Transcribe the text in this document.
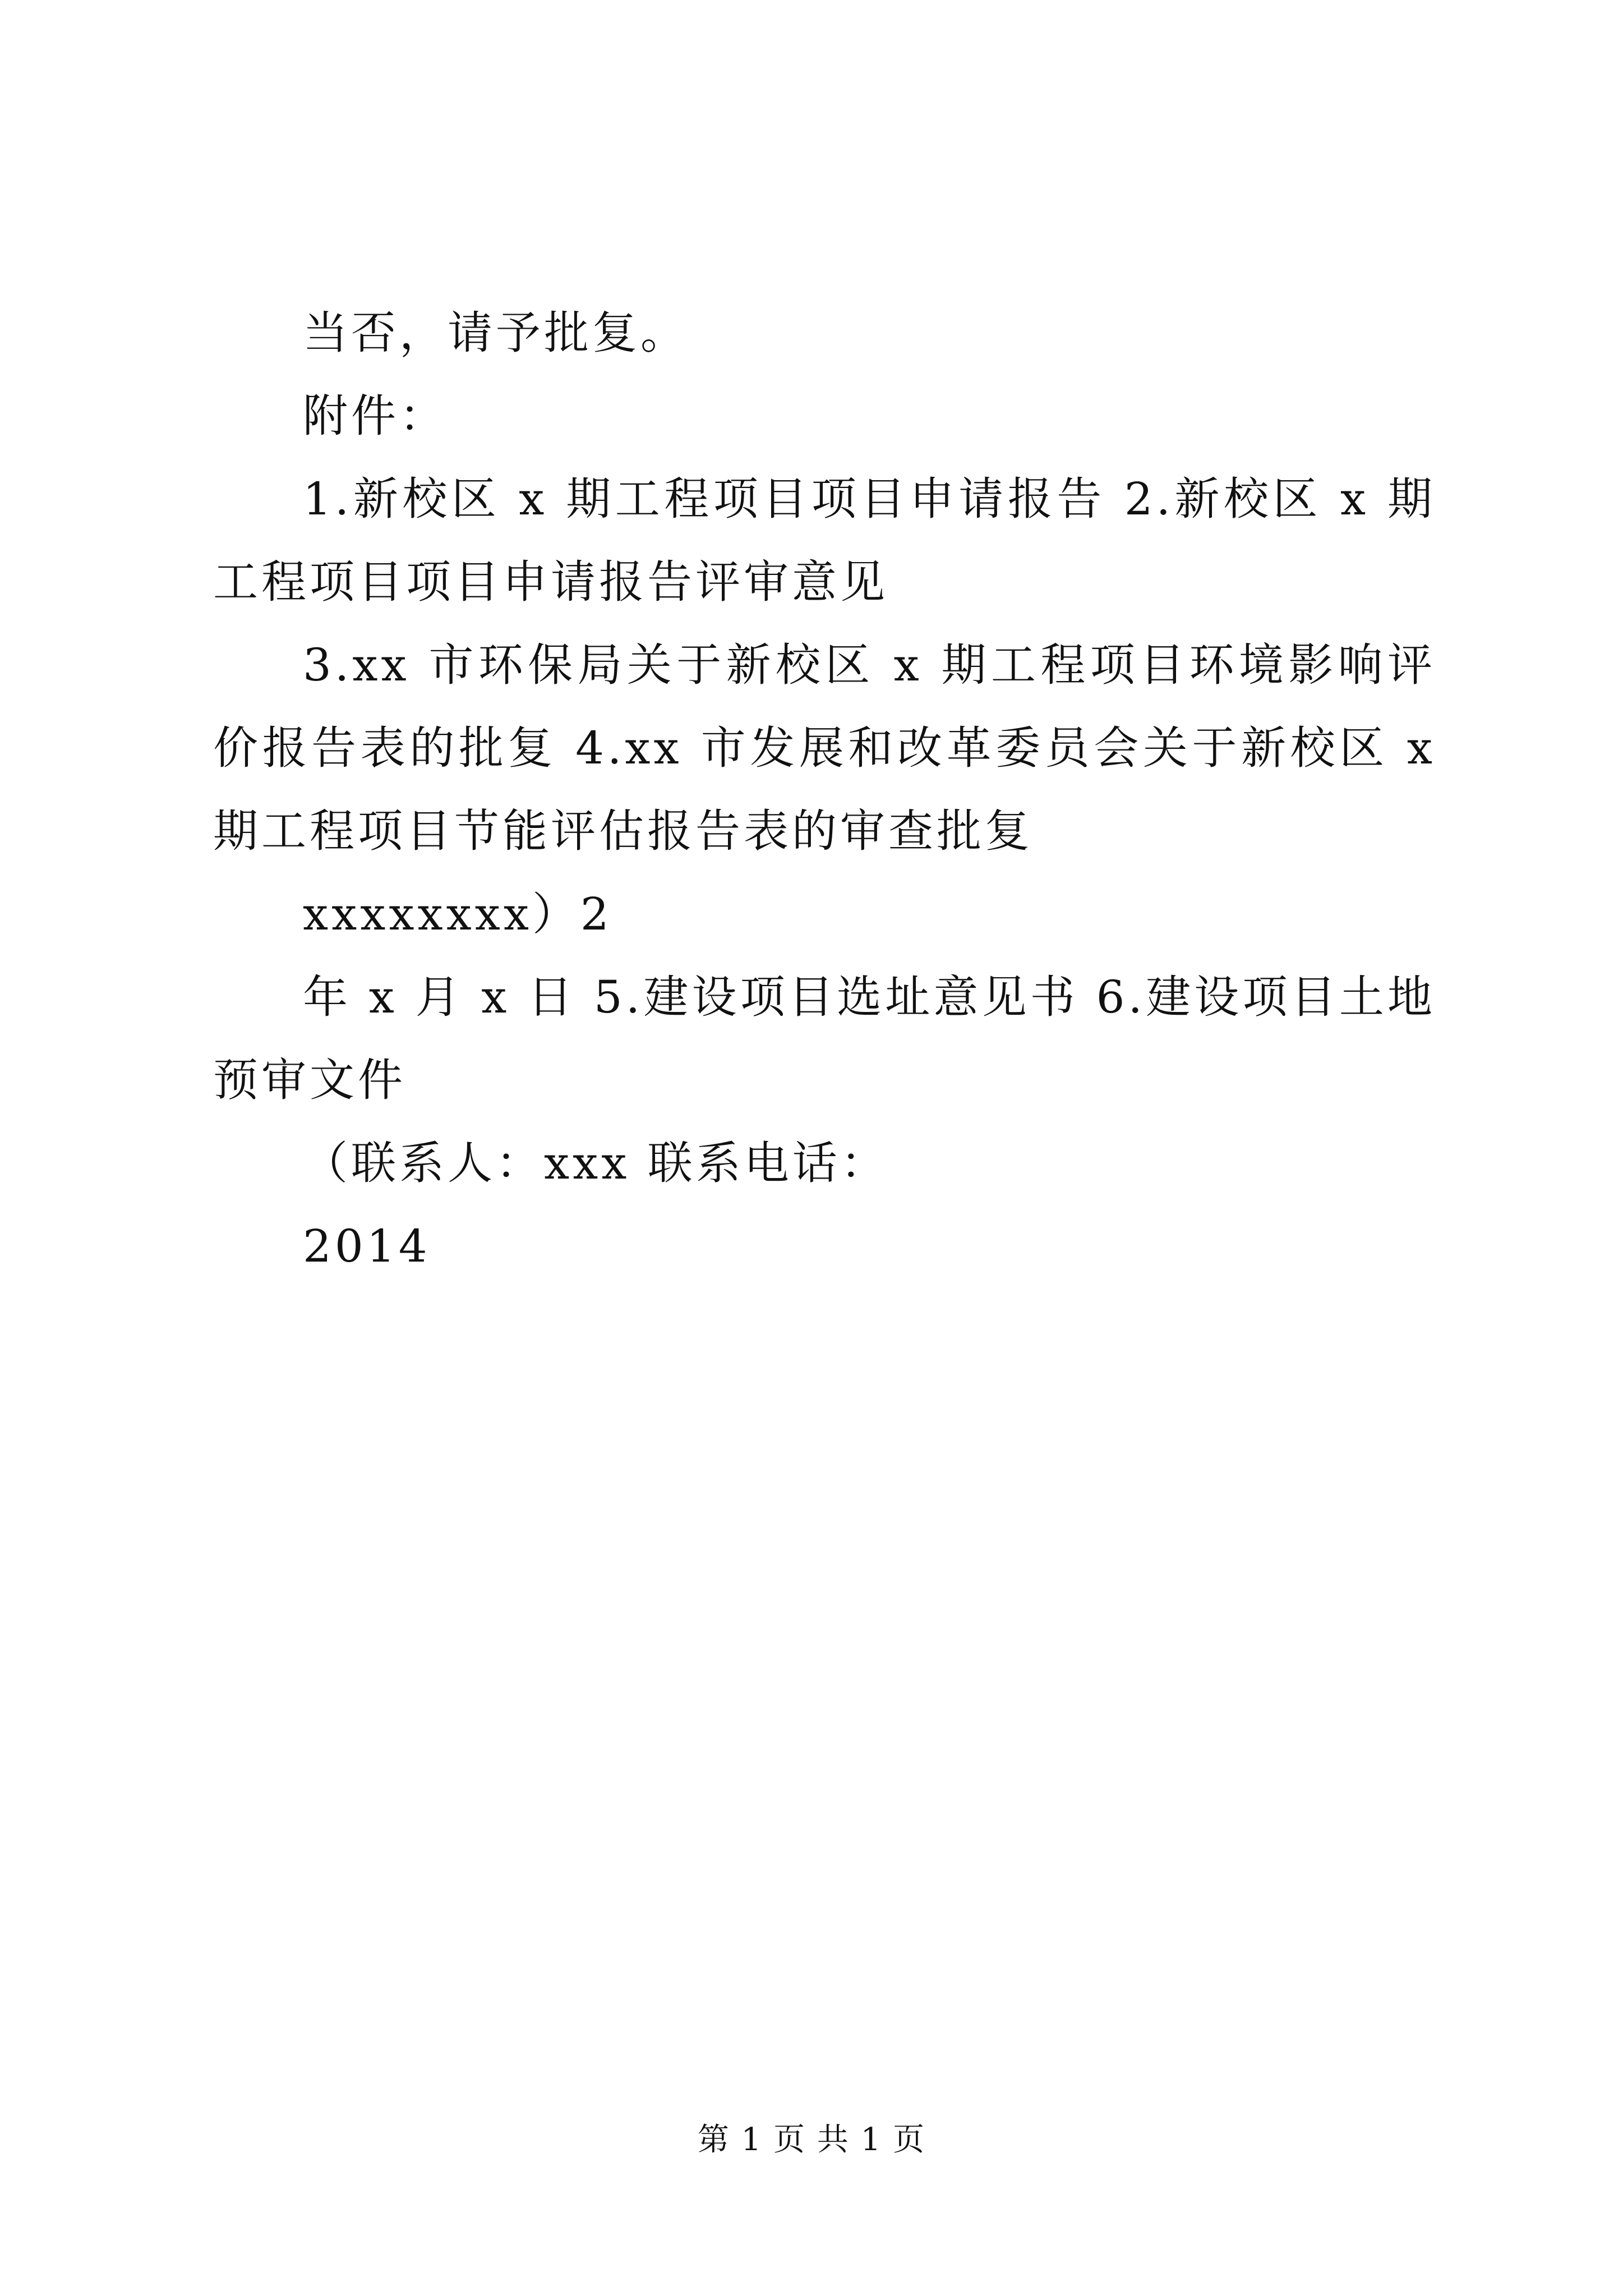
当否，请予批复。

附件：

1.新校区 x 期工程项目项目申请报告 2.新校区 x 期工程项目项目申请报告评审意见

3.xx 市环保局关于新校区 x 期工程项目环境影响评价报告表的批复 4.xx 市发展和改革委员会关于新校区 x 期工程项目节能评估报告表的审查批复

xxxxxxxx）2

年 x 月 x 日 5.建设项目选址意见书 6.建设项目土地预审文件

（联系人：xxx 联系电话：

2014

第 1 页 共 1 页
